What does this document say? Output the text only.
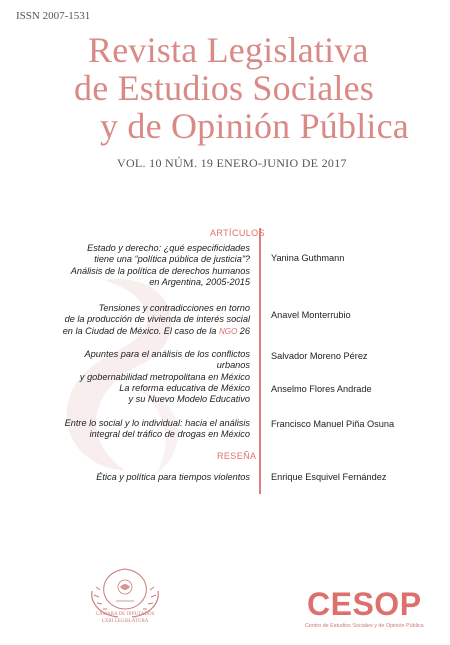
ISSN 2007-1531
Revista Legislativa
de Estudios Sociales
y de Opinión Pública
VOL. 10 NÚM. 19 ENERO-JUNIO DE 2017
ARTÍCULOS
Estado y derecho: ¿qué especificidades
tiene una “política pública de justicia”?
Análisis de la política de derechos humanos
en Argentina, 2005-2015
Yanina Guthmann
Tensiones y contradicciones en torno
de la producción de vivienda de interés social
en la Ciudad de México. El caso de la NGO 26
Anavel Monterrubio
Apuntes para el análisis de los conflictos urbanos
y gobernabilidad metropolitana en México
Salvador Moreno Pérez
La reforma educativa de México
y su Nuevo Modelo Educativo
Anselmo Flores Andrade
Entre lo social y lo individual: hacia el análisis
integral del tráfico de drogas en México
Francisco Manuel Piña Osuna
RESEÑA
Ética y política para tiempos violentos Enrique Esquivel Fernández
CÁMARA DE DIPUTADOS
LXIII LEGISLATURA	CESOP
Centro de Estudios Sociales y de Opinión Pública
